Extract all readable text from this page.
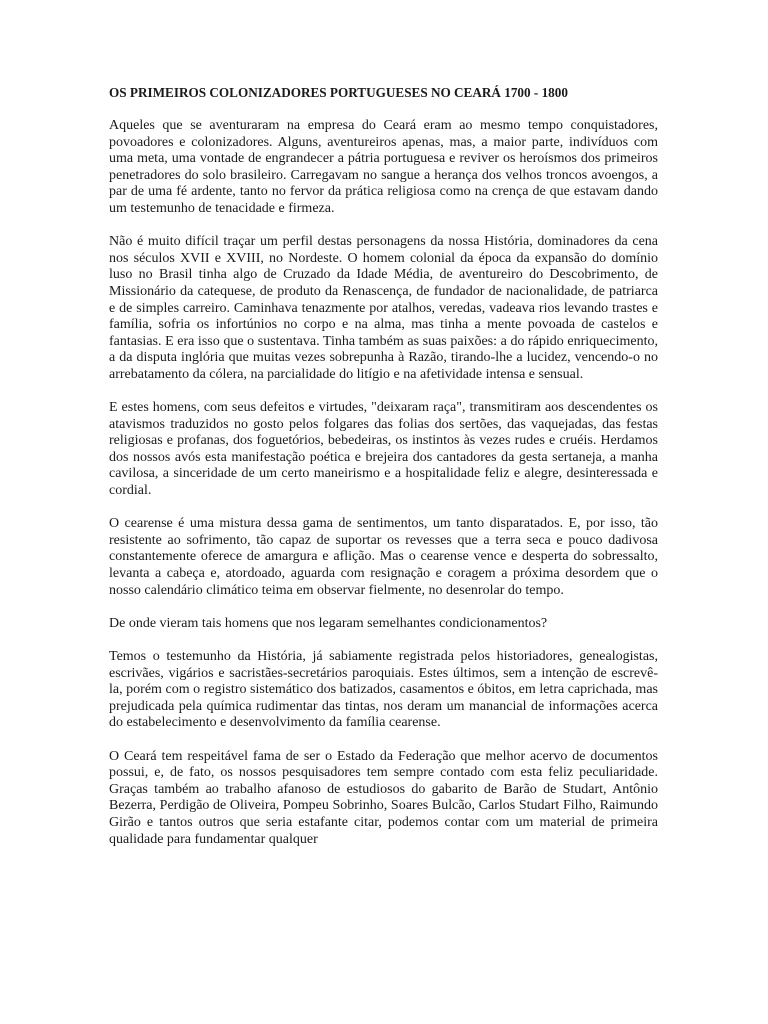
OS PRIMEIROS COLONIZADORES PORTUGUESES NO CEARÁ 1700 - 1800

Aqueles que se aventuraram na empresa do Ceará eram ao mesmo tempo conquistadores, povoadores e colonizadores. Alguns, aventureiros apenas, mas, a maior parte, indivíduos com uma meta, uma vontade de engrandecer a pátria portuguesa e reviver os heroísmos dos primeiros penetradores do solo brasileiro. Carregavam no sangue a herança dos velhos troncos avoengos, a par de uma fé ardente, tanto no fervor da prática religiosa como na crença de que estavam dando um testemunho de tenacidade e firmeza.

Não é muito difícil traçar um perfil destas personagens da nossa História, dominadores da cena nos séculos XVII e XVIII, no Nordeste. O homem colonial da época da expansão do domínio luso no Brasil tinha algo de Cruzado da Idade Média, de aventureiro do Descobrimento, de Missionário da catequese, de produto da Renascença, de fundador de nacionalidade, de patriarca e de simples carreiro. Caminhava tenazmente por atalhos, veredas, vadeava rios levando trastes e família, sofria os infortúnios no corpo e na alma, mas tinha a mente povoada de castelos e fantasias. E era isso que o sustentava. Tinha também as suas paixões: a do rápido enriquecimento, a da disputa inglória que muitas vezes sobrepunha à Razão, tirando-lhe a lucidez, vencendo-o no arrebatamento da cólera, na parcialidade do litígio e na afetividade intensa e sensual.

E estes homens, com seus defeitos e virtudes, "deixaram raça", transmitiram aos descendentes os atavismos traduzidos no gosto pelos folgares das folias dos sertões, das vaquejadas, das festas religiosas e profanas, dos foguetórios, bebedeiras, os instintos às vezes rudes e cruéis. Herdamos dos nossos avós esta manifestação poética e brejeira dos cantadores da gesta sertaneja, a manha cavilosa, a sinceridade de um certo maneirismo e a hospitalidade feliz e alegre, desinteressada e cordial.

O cearense é uma mistura dessa gama de sentimentos, um tanto disparatados. E, por isso, tão resistente ao sofrimento, tão capaz de suportar os revesses que a terra seca e pouco dadivosa constantemente oferece de amargura e aflição. Mas o cearense vence e desperta do sobressalto, levanta a cabeça e, atordoado, aguarda com resignação e coragem a próxima desordem que o nosso calendário climático teima em observar fielmente, no desenrolar do tempo.

De onde vieram tais homens que nos legaram semelhantes condicionamentos?

Temos o testemunho da História, já sabiamente registrada pelos historiadores, genealogistas, escrivães, vigários e sacristães-secretários paroquiais. Estes últimos, sem a intenção de escrevê-la, porém com o registro sistemático dos batizados, casamentos e óbitos, em letra caprichada, mas prejudicada pela química rudimentar das tintas, nos deram um manancial de informações acerca do estabelecimento e desenvolvimento da família cearense.

O Ceará tem respeitável fama de ser o Estado da Federação que melhor acervo de documentos possui, e, de fato, os nossos pesquisadores tem sempre contado com esta feliz peculiaridade. Graças também ao trabalho afanoso de estudiosos do gabarito de Barão de Studart, Antônio Bezerra, Perdigão de Oliveira, Pompeu Sobrinho, Soares Bulcão, Carlos Studart Filho, Raimundo Girão e tantos outros que seria estafante citar, podemos contar com um material de primeira qualidade para fundamentar qualquer
